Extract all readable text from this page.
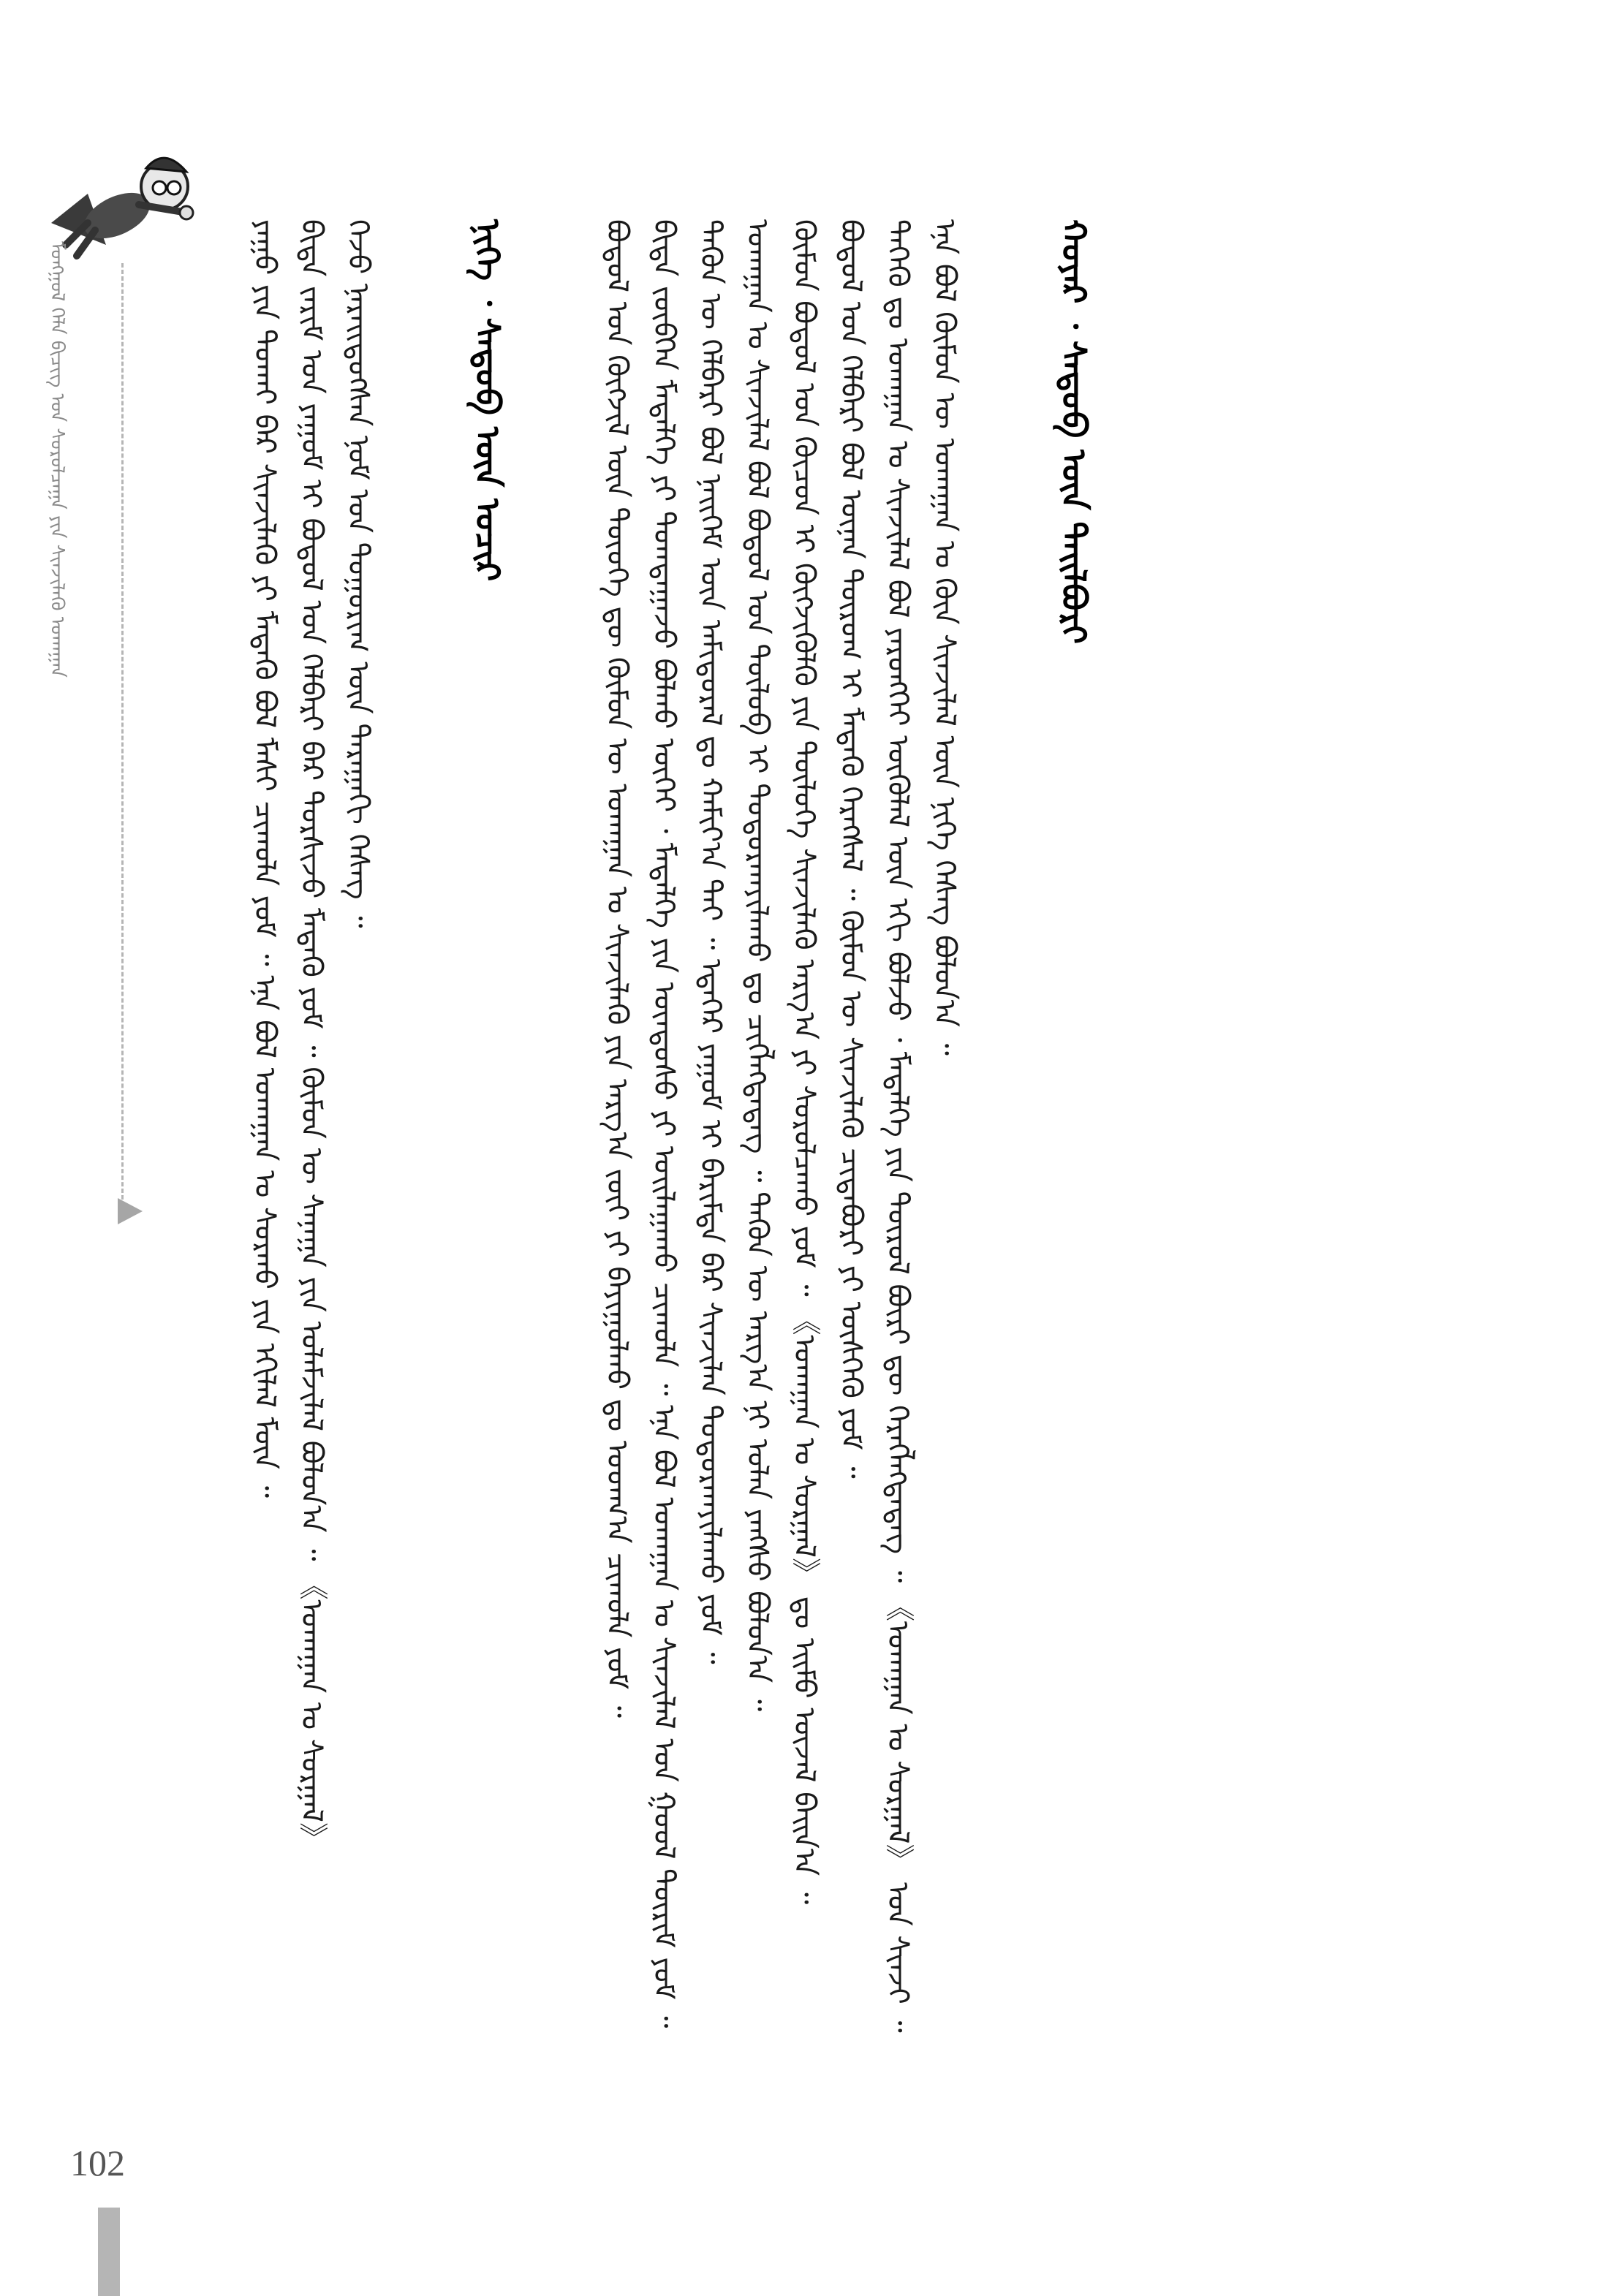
ᠮᠣᠩᠭᠣᠯ ᠬᠡᠯᠡ ᠪᠢᠴᠢᠭ ᠤᠨ ᠰᠤᠷᠤᠯᠴᠠᠭᠠ ᠶᠢᠨ ᠰᠢᠨᠵᠢᠯᠡᠬᠦ ᠤᠬᠠᠭᠠᠨ	ᠶᠠᠭᠤ ᠶᠢᠨ ᠲᠤᠬᠠᠢ ᠪᠠᠷ ᠰᠢᠨᠵᠢᠯᠡᠬᠦ ᠶᠢ ᠮᠡᠳᠡᠬᠦ ᠪᠣᠯ ᠮᠠᠰᠢ ᠴᠢᠬᠤᠯᠠ ᠶᠤᠮ ᠃ ᠡᠨᠡ ᠪᠣᠯ ᠤᠬᠠᠭᠠᠨ ᠤ ᠰᠤᠷᠬᠤ ᠶᠢᠨ ᠡᠬᠢᠯᠡᠯ ᠮᠥᠨ ᠃ ᠪᠢᠳᠡ ᠵᠠᠷᠢᠮ ᠤᠨ ᠶᠠᠭᠤᠮ ᠢ ᠪᠣᠳᠣᠯ ᠤᠨ ᠬᠡᠯᠪᠡᠷᠢ ᠪᠠᠷ ᠲᠤᠷᠰᠢᠵᠤ ᠮᠡᠳᠡᠬᠦ ᠶᠤᠮ ᠃ ᠬᠦᠮᠦᠨ ᠦ ᠰᠠᠨᠠᠭᠠ ᠶᠢᠨ ᠤᠯᠠᠮᠵᠢᠯᠠᠯ ᠪᠣᠯᠤᠨ᠎ᠠ ᠃ 《ᠤᠬᠠᠭᠠᠨ ᠤ ᠰᠤᠷᠭᠠᠯ》 ᠭᠡᠵᠦ ᠨᠡᠷᠡᠢᠳᠦᠭᠰᠡᠨ ᠨᠣᠮ ᠤᠨ ᠲᠣᠭᠣᠷᠢᠭ ᠦᠨ ᠳᠠᠷᠠᠭᠠᠬᠢ ᠬᠡᠰᠡᠭ ᠃	ᠨᠢᠭᠡ ᠂ ᠰᠡᠳᠦᠪ ᠦᠨ ᠤᠴᠢᠷ	ᠪᠣᠳᠣᠯ ᠤᠨ ᠬᠥᠭᠵᠢᠯ ᠦᠨ ᠲᠦᠦᠬᠡ ᠳᠦ ᠬᠦᠮᠦᠨ ᠦ ᠤᠬᠠᠭᠠᠨ ᠤ ᠰᠢᠨᠵᠢᠯᠡᠬᠦ ᠶᠢᠨ ᠠᠷᠭ᠎ᠠ ᠵᠦᠢ ᠶᠢ ᠪᠠᠶᠢᠭᠤᠯᠬᠤ ᠳᠤ ᠤᠳᠬ᠎ᠠ ᠴᠢᠬᠤᠯᠠ ᠶᠤᠮ ᠃ ᠪᠢᠳᠡ ᠵᠥᠪᠬᠡᠨ ᠮᠡᠳᠡᠯᠭᠡ ᠶᠢ ᠲᠣᠭᠲᠠᠭᠠᠵᠤ ᠪᠣᠯᠬᠤ ᠦᠭᠡᠢ ᠂ ᠮᠡᠳᠡᠯᠭᠡ ᠶᠢᠨ ᠦᠨᠳᠦᠰᠦ ᠶᠢ ᠤᠢᠯᠠᠭᠠᠬᠤ ᠴᠢᠬᠤᠯᠠ ᠃ ᠡᠨᠡ ᠪᠣᠯ ᠤᠬᠠᠭᠠᠨ ᠤ ᠰᠢᠨᠵᠢᠯᠡᠯ ᠤᠨ ᠭᠣᠣᠯ ᠳᠦᠷᠢᠮ ᠶᠤᠮ ᠃ ᠲᠡᠭᠦᠨ ᠦ ᠬᠡᠯᠪᠡᠷᠢ ᠪᠣᠯ ᠨᠡᠢᠭᠡᠮ ᠦᠨ ᠠᠮᠢᠳᠤᠷᠠᠯ ᠳᠤ ᠬᠠᠮᠢᠶ᠎ᠠ ᠲᠠᠢ ᠃ ᠡᠳᠡᠭᠡᠷ ᠶᠠᠭᠤᠮ ᠢ ᠪᠠᠷᠢᠮᠲᠠ ᠪᠠᠷ ᠰᠢᠨᠵᠢᠯᠡᠨ ᠲᠣᠳᠣᠷᠬᠠᠶᠢᠯᠠᠬᠤ ᠶᠤᠮ ᠃ ᠤᠬᠠᠭᠠᠨ ᠤ ᠰᠢᠨᠵᠢᠯᠡᠯ ᠪᠣᠯ ᠪᠣᠳᠣᠯ ᠤᠨ ᠲᠥᠯᠦᠪ ᠢ ᠲᠣᠳᠣᠷᠬᠠᠶᠢᠯᠠᠬᠤ ᠳᠤ ᠴᠢᠭᠯᠡᠭᠳᠡᠳᠡᠭ ᠃ ᠲᠡᠭᠦᠨ ᠦ ᠠᠷᠭ᠎ᠠ ᠨᠢ ᠣᠯᠠᠨ ᠶᠠᠩᠰᠤ ᠪᠣᠯᠤᠨ᠎ᠠ ᠃ ᠬᠦᠮᠦᠨ ᠪᠣᠳᠣᠯ ᠤᠨ ᠬᠦᠴᠦᠨ ᠢ ᠬᠥᠭᠵᠢᠭᠦᠯᠬᠦ ᠶᠢᠨ ᠲᠥᠯᠥᠭᠡ ᠰᠢᠨᠵᠢᠯᠡᠬᠦ ᠠᠷᠭ᠎ᠠ ᠶᠢ ᠰᠤᠷᠤᠯᠴᠠᠬᠤ ᠶᠤᠮ ᠃ 《ᠤᠬᠠᠭᠠᠨ ᠤ ᠰᠤᠷᠭᠠᠯ》 ᠳᠤ ᠡᠢᠮᠤ ᠦᠵᠡᠯ ᠪᠠᠢᠨ᠎ᠠ ᠃ ᠪᠣᠳᠣᠯ ᠤᠨ ᠬᠡᠯᠪᠡᠷᠢ ᠪᠣᠯ ᠦᠨᠡᠨ ᠲᠥᠷᠥᠬ ᠢ ᠮᠡᠳᠡᠬᠦ ᠬᠡᠷᠡᠭᠰᠡᠯ ᠃ ᠬᠦᠮᠦᠨ ᠦ ᠰᠢᠨᠵᠢᠯᠡᠬᠦ ᠴᠢᠳᠠᠪᠤᠷᠢ ᠶᠢ ᠥᠰᠬᠡᠬᠦ ᠶᠤᠮ ᠃ ᠲᠡᠭᠡᠬᠦ ᠳᠤ ᠤᠬᠠᠭᠠᠨ ᠤ ᠰᠢᠨᠵᠢᠯᠡᠯ ᠪᠣᠯ ᠶᠡᠷᠦᠩᠬᠡᠢ ᠦᠭᠦᠯᠡᠯ ᠦᠨ ᠡᠬᠢ ᠪᠣᠯᠵᠤ ᠂ ᠮᠡᠳᠡᠯᠭᠡ ᠶᠢᠨ ᠲᠥᠷᠥᠯ ᠪᠦᠷᠢ ᠳᠦ ᠬᠡᠷᠡᠭᠯᠡᠭᠳᠡᠳᠡᠭ ᠃ 《ᠤᠬᠠᠭᠠᠨ ᠤ ᠰᠤᠷᠭᠠᠯ》 ᠤᠨ ᠰᠢᠨᠵᠢ ᠃ ᠡᠨᠡ ᠪᠣᠯ ᠬᠦᠮᠦᠨ ᠦ ᠤᠬᠠᠭᠠᠨ ᠤ ᠭᠦᠨ ᠰᠢᠨᠵᠢᠯᠡᠯ ᠦᠨ ᠨᠢᠭᠡ ᠬᠡᠰᠡᠭ ᠪᠣᠯᠤᠨ᠎ᠠ ᠃	ᠬᠣᠶᠠᠷ ᠂ ᠰᠡᠳᠦᠪ ᠦᠨ ᠲᠠᠢᠯᠪᠤᠷᠢ
102
